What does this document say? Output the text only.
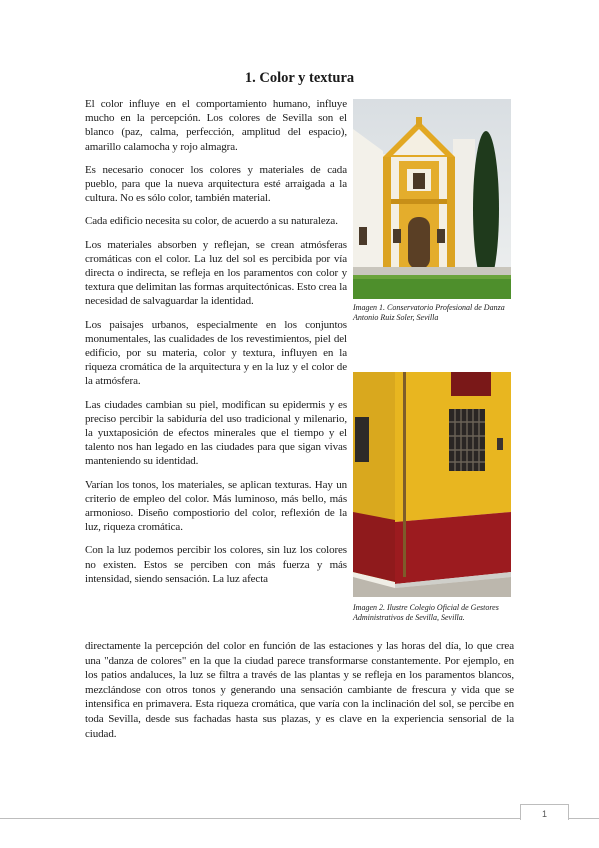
1. Color y textura

El color influye en el comportamiento humano, influye mucho en la percepción. Los colores de Sevilla son el blanco (paz, calma, perfección, amplitud del espacio), amarillo calamocha y rojo almagra.

Es necesario conocer los colores y materiales de cada pueblo, para que la nueva arquitectura esté arraigada a la cultura. No es sólo color, también material.

Cada edificio necesita su color, de acuerdo a su naturaleza.

Los materiales absorben y reflejan, se crean atmósferas cromáticas con el color. La luz del sol es percibida por vía directa o indirecta, se refleja en los paramentos con color y textura que delimitan las formas arquitectónicas. Esto crea la necesidad de salvaguardar la identidad.

Los paisajes urbanos, especialmente en los conjuntos monumentales, las cualidades de los revestimientos, piel del edificio, por su materia, color y textura, influyen en la riqueza cromática de la arquitectura y en la luz y el color de la atmósfera.

Las ciudades cambian su piel, modifican su epidermis y es preciso percibir la sabiduría del uso tradicional y milenario, la yuxtaposición de efectos minerales que el tiempo y el talento nos han legado en las ciudades para que sigan vivas manteniendo su identidad.

Varían los tonos, los materiales, se aplican texturas. Hay un criterio de empleo del color. Más luminoso, más bello, más armonioso. Diseño compostiorio del color, reflexión de la luz, riqueza cromática.

Con la luz podemos percibir los colores, sin luz los colores no existen. Estos se perciben con más fuerza y más intensidad, siendo sensación. La luz afecta

directamente la percepción del color en función de las estaciones y las horas del día, lo que crea una "danza de colores" en la que la ciudad parece transformarse constantemente. Por ejemplo, en los patios andaluces, la luz se filtra a través de las plantas y se refleja en los paramentos blancos, mezclándose con otros tonos y generando una sensación cambiante de frescura y vida que se intensifica en primavera. Esta riqueza cromática, que varía con la inclinación del sol, se percibe en toda Sevilla, desde sus fachadas hasta sus plazas, y es clave en la experiencia sensorial de la ciudad.

Imagen 1. Conservatorio Profesional de Danza Antonio Ruiz Soler, Sevilla

Imagen 2. Ilustre Colegio Oficial de Gestores Administrativos de Sevilla, Sevilla.

1
